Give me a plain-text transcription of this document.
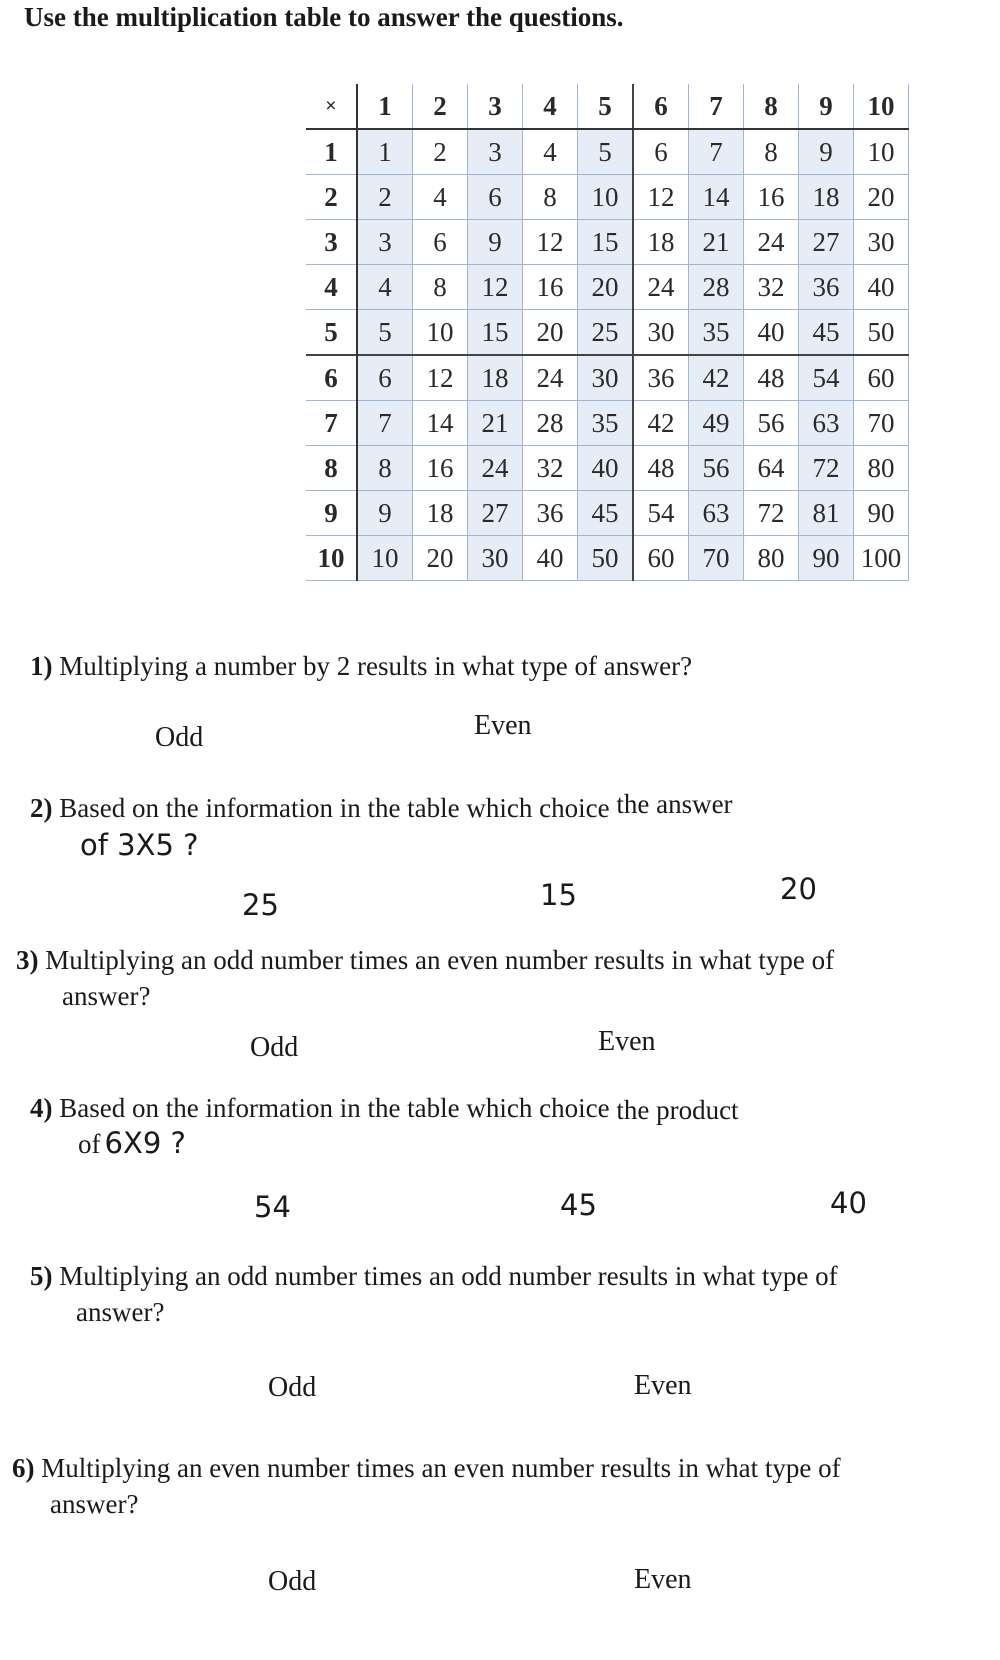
Use the multiplication table to answer the questions.
×	1	2	3	4	5	6	7	8	9	10
1	1	2	3	4	5	6	7	8	9	10
2	2	4	6	8	10	12	14	16	18	20
3	3	6	9	12	15	18	21	24	27	30
4	4	8	12	16	20	24	28	32	36	40
5	5	10	15	20	25	30	35	40	45	50
6	6	12	18	24	30	36	42	48	54	60
7	7	14	21	28	35	42	49	56	63	70
8	8	16	24	32	40	48	56	64	72	80
9	9	18	27	36	45	54	63	72	81	90
10	10	20	30	40	50	60	70	80	90	100
1) Multiplying a number by 2 results in what type of answer?
Odd	Even
2) Based on the information in the table which choice the answer
of 3X5 ?
25	15	20
3) Multiplying an odd number times an even number results in what type of
answer?
Odd	Even
4) Based on the information in the table which choice the product
of 6X9 ?
54	45	40
5) Multiplying an odd number times an odd number results in what type of
answer?
Odd	Even
6) Multiplying an even number times an even number results in what type of
answer?
Odd	Even
